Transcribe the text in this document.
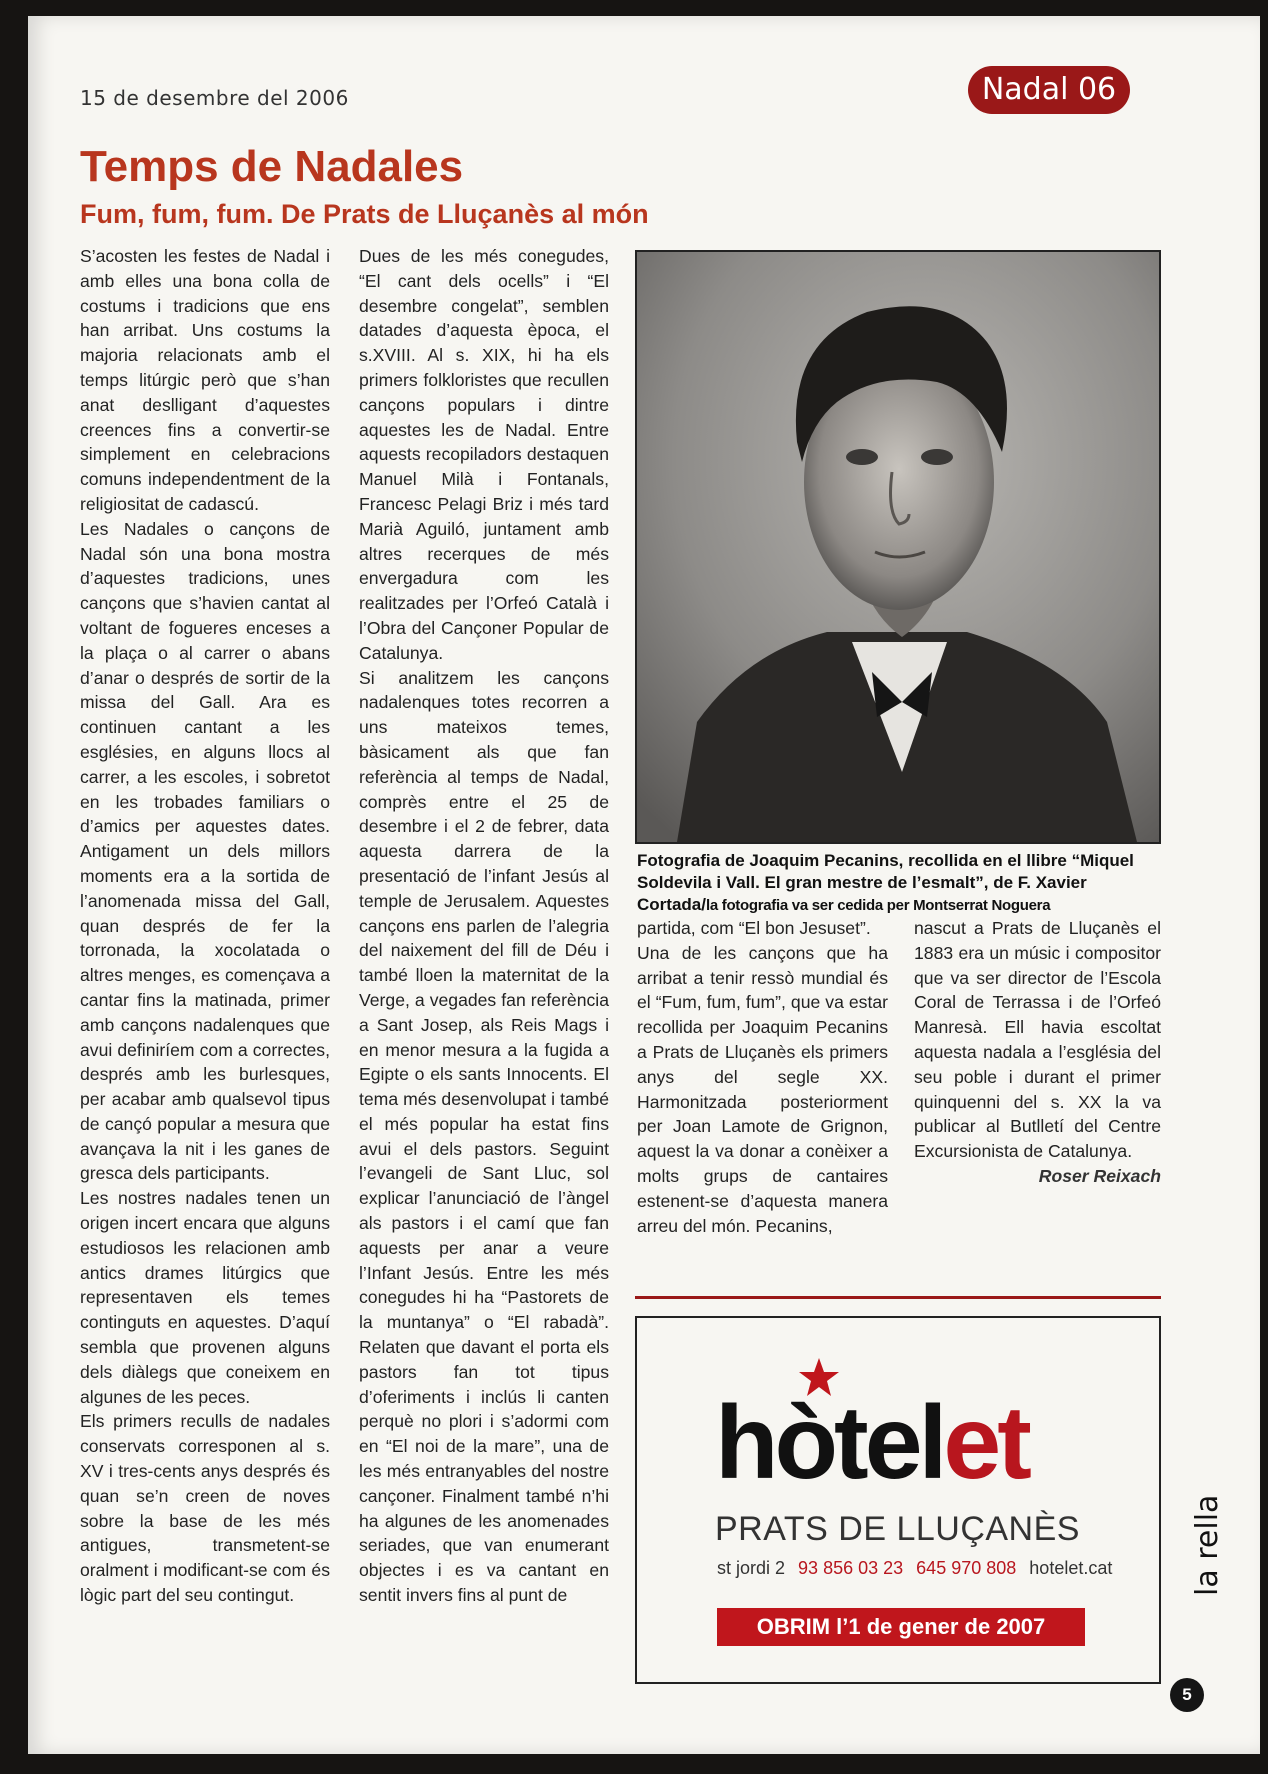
15 de desembre del 2006	Nadal 06
Temps de Nadales
Fum, fum, fum. De Prats de Lluçanès al món

S’acosten les festes de Nadal i amb elles una bona colla de costums i tradicions que ens han arribat. Uns costums la majoria relacionats amb el temps litúrgic però que s’han anat deslligant d’aquestes creences fins a convertir-se simplement en celebracions comuns independentment de la religiositat de cadascú.

Les Nadales o cançons de Nadal són una bona mostra d’aquestes tradicions, unes cançons que s’havien cantat al voltant de fogueres enceses a la plaça o al carrer o abans d’anar o després de sortir de la missa del Gall. Ara es continuen cantant a les esglésies, en alguns llocs al carrer, a les escoles, i sobretot en les trobades familiars o d’amics per aquestes dates. Antigament un dels millors moments era a la sortida de l’anomenada missa del Gall, quan després de fer la torronada, la xocolatada o altres menges, es començava a cantar fins la matinada, primer amb cançons nadalenques que avui definiríem com a correctes, després amb les burlesques, per acabar amb qualsevol tipus de cançó popular a mesura que avançava la nit i les ganes de gresca dels participants.

Les nostres nadales tenen un origen incert encara que alguns estudiosos les relacionen amb antics drames litúrgics que representaven els temes continguts en aquestes. D’aquí sembla que provenen alguns dels diàlegs que coneixem en algunes de les peces.

Els primers reculls de nadales conservats corresponen al s. XV i tres-cents anys després és quan se’n creen de noves sobre la base de les més antigues, transmetent-se oralment i modificant-se com és lògic part del seu contingut.

Dues de les més conegudes, “El cant dels ocells” i “El desembre congelat”, semblen datades d’aquesta època, el s.XVIII. Al s. XIX, hi ha els primers folkloristes que recullen cançons populars i dintre aquestes les de Nadal. Entre aquests recopiladors destaquen Manuel Milà i Fontanals, Francesc Pelagi Briz i més tard Marià Aguiló, juntament amb altres recerques de més envergadura com les realitzades per l’Orfeó Català i l’Obra del Cançoner Popular de Catalunya.

Si analitzem les cançons nadalenques totes recorren a uns mateixos temes, bàsicament als que fan referència al temps de Nadal, comprès entre el 25 de desembre i el 2 de febrer, data aquesta darrera de la presentació de l’infant Jesús al temple de Jerusalem. Aquestes cançons ens parlen de l’alegria del naixement del fill de Déu i també lloen la maternitat de la Verge, a vegades fan referència a Sant Josep, als Reis Mags i en menor mesura a la fugida a Egipte o els sants Innocents. El tema més desenvolupat i també el més popular ha estat fins avui el dels pastors. Seguint l’evangeli de Sant Lluc, sol explicar l’anunciació de l’àngel als pastors i el camí que fan aquests per anar a veure l’Infant Jesús. Entre les més conegudes hi ha “Pastorets de la muntanya” o “El rabadà”. Relaten que davant el porta els pastors fan tot tipus d’oferiments i inclús li canten perquè no plori i s’adormi com en “El noi de la mare”, una de les més entranyables del nostre cançoner. Finalment també n’hi ha algunes de les anomenades seriades, que van enumerant objectes i es va cantant en sentit invers fins al punt de

Fotografia de Joaquim Pecanins, recollida en el llibre “Miquel Soldevila i Vall. El gran mestre de l’esmalt”, de F. Xavier Cortada/la fotografia va ser cedida per Montserrat Noguera

partida, com “El bon Jesuset”.

Una de les cançons que ha arribat a tenir ressò mundial és el “Fum, fum, fum”, que va estar recollida per Joaquim Pecanins a Prats de Lluçanès els primers anys del segle XX. Harmonitzada posteriorment per Joan Lamote de Grignon, aquest la va donar a conèixer a molts grups de cantaires estenent-se d’aquesta manera arreu del món. Pecanins,

nascut a Prats de Lluçanès el 1883 era un músic i compositor que va ser director de l’Escola Coral de Terrassa i de l’Orfeó Manresà. Ell havia escoltat aquesta nadala a l’església del seu poble i durant el primer quinquenni del s. XX la va publicar al Butlletí del Centre Excursionista de Catalunya.

Roser Reixach

hòtelet
PRATS DE LLUÇANÈS
st jordi 2 93 856 03 23 645 970 808 hotelet.cat
OBRIM l’1 de gener de 2007
la rella
5
